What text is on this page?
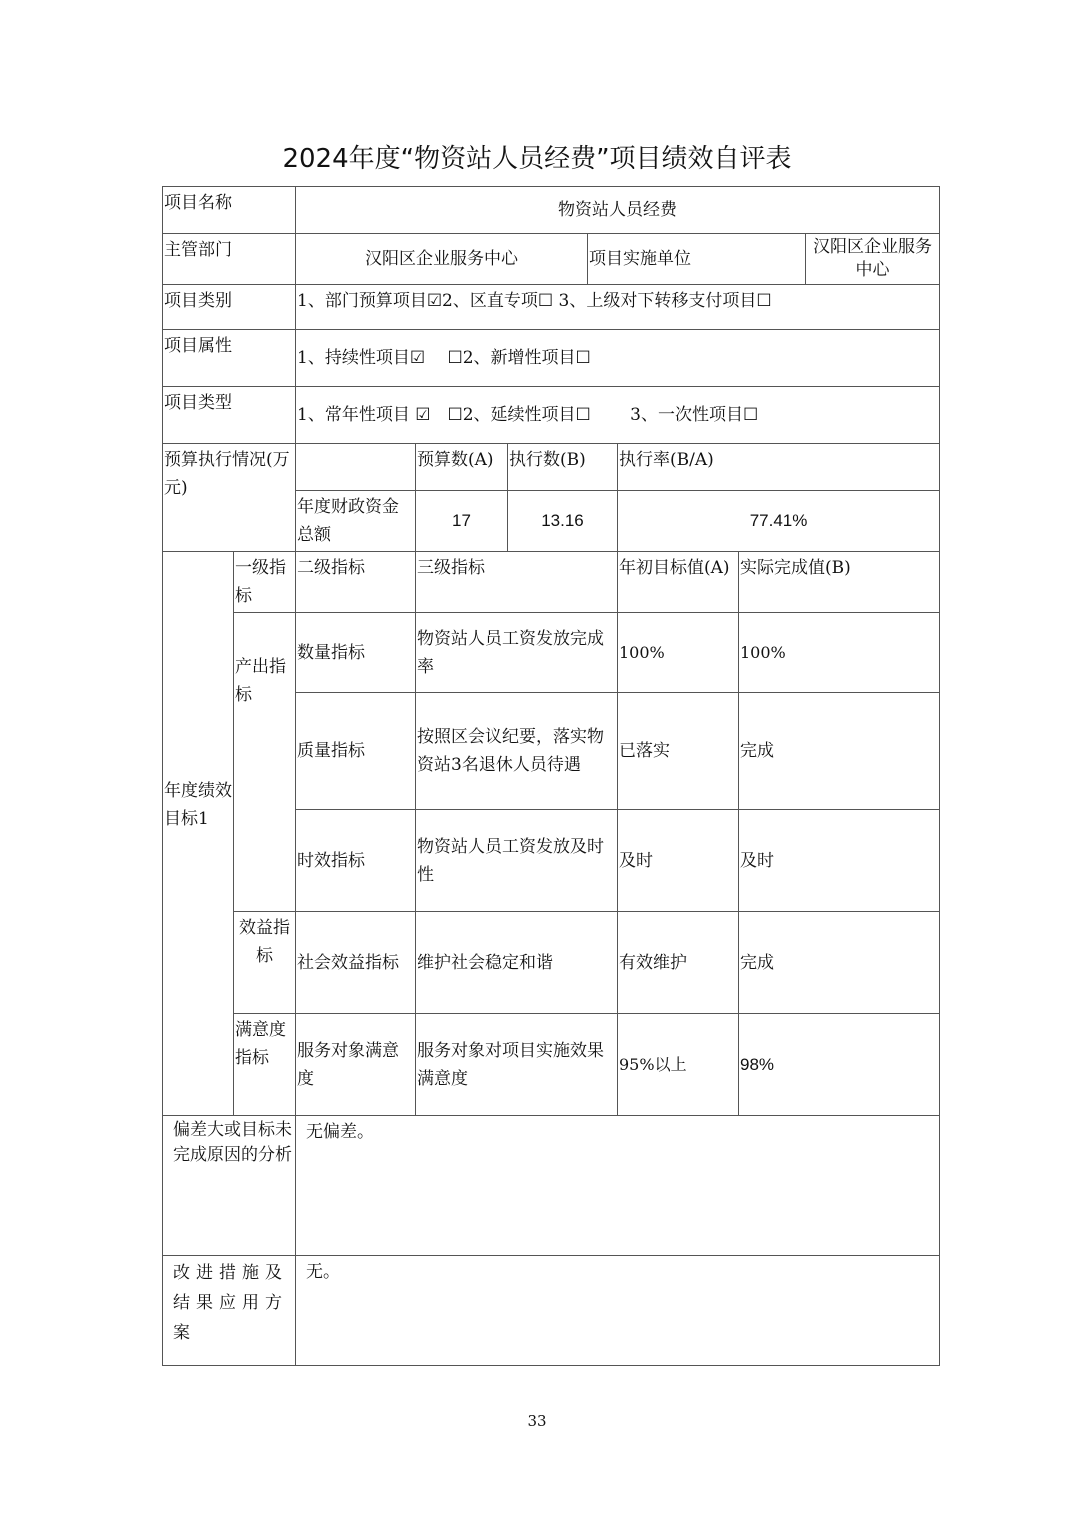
2024年度“物资站人员经费”项目绩效自评表
项目名称		物资站人员经费						
主管部门		汉阳区企业服务中心			项目实施单位			汉阳区企业服务中心
项目类别		1、部门预算项目☑2、区直专项☐ 3、上级对下转移支付项目☐						
项目属性		1、持续性项目☑　 ☐2、新增性项目☐						
项目类型		1、常年性项目 ☑　☐2、延续性项目☐　　 3、一次性项目☐						
预算执行情况(万元)			预算数(A)	执行数(B)		执行率(B/A)		
		年度财政资金总额	17	13.16		77.41%		
年度绩效目标1	一级指标	二级指标	三级指标			年初目标值(A)	实际完成值(B)	
	产出指标	数量指标	物资站人员工资发放完成率			100%	100%	
		质量指标	按照区会议纪要，落实物资站3名退休人员待遇			已落实	完成	
		时效指标	物资站人员工资发放及时性			及时	及时	
	效益指标	社会效益指标	维护社会稳定和谐			有效维护	完成	
	满意度指标	服务对象满意度	服务对象对项目实施效果满意度			95%以上	98%	
偏差大或目标未完成原因的分析		无偏差。						
改进措施及结果应用方案		无。						
33
